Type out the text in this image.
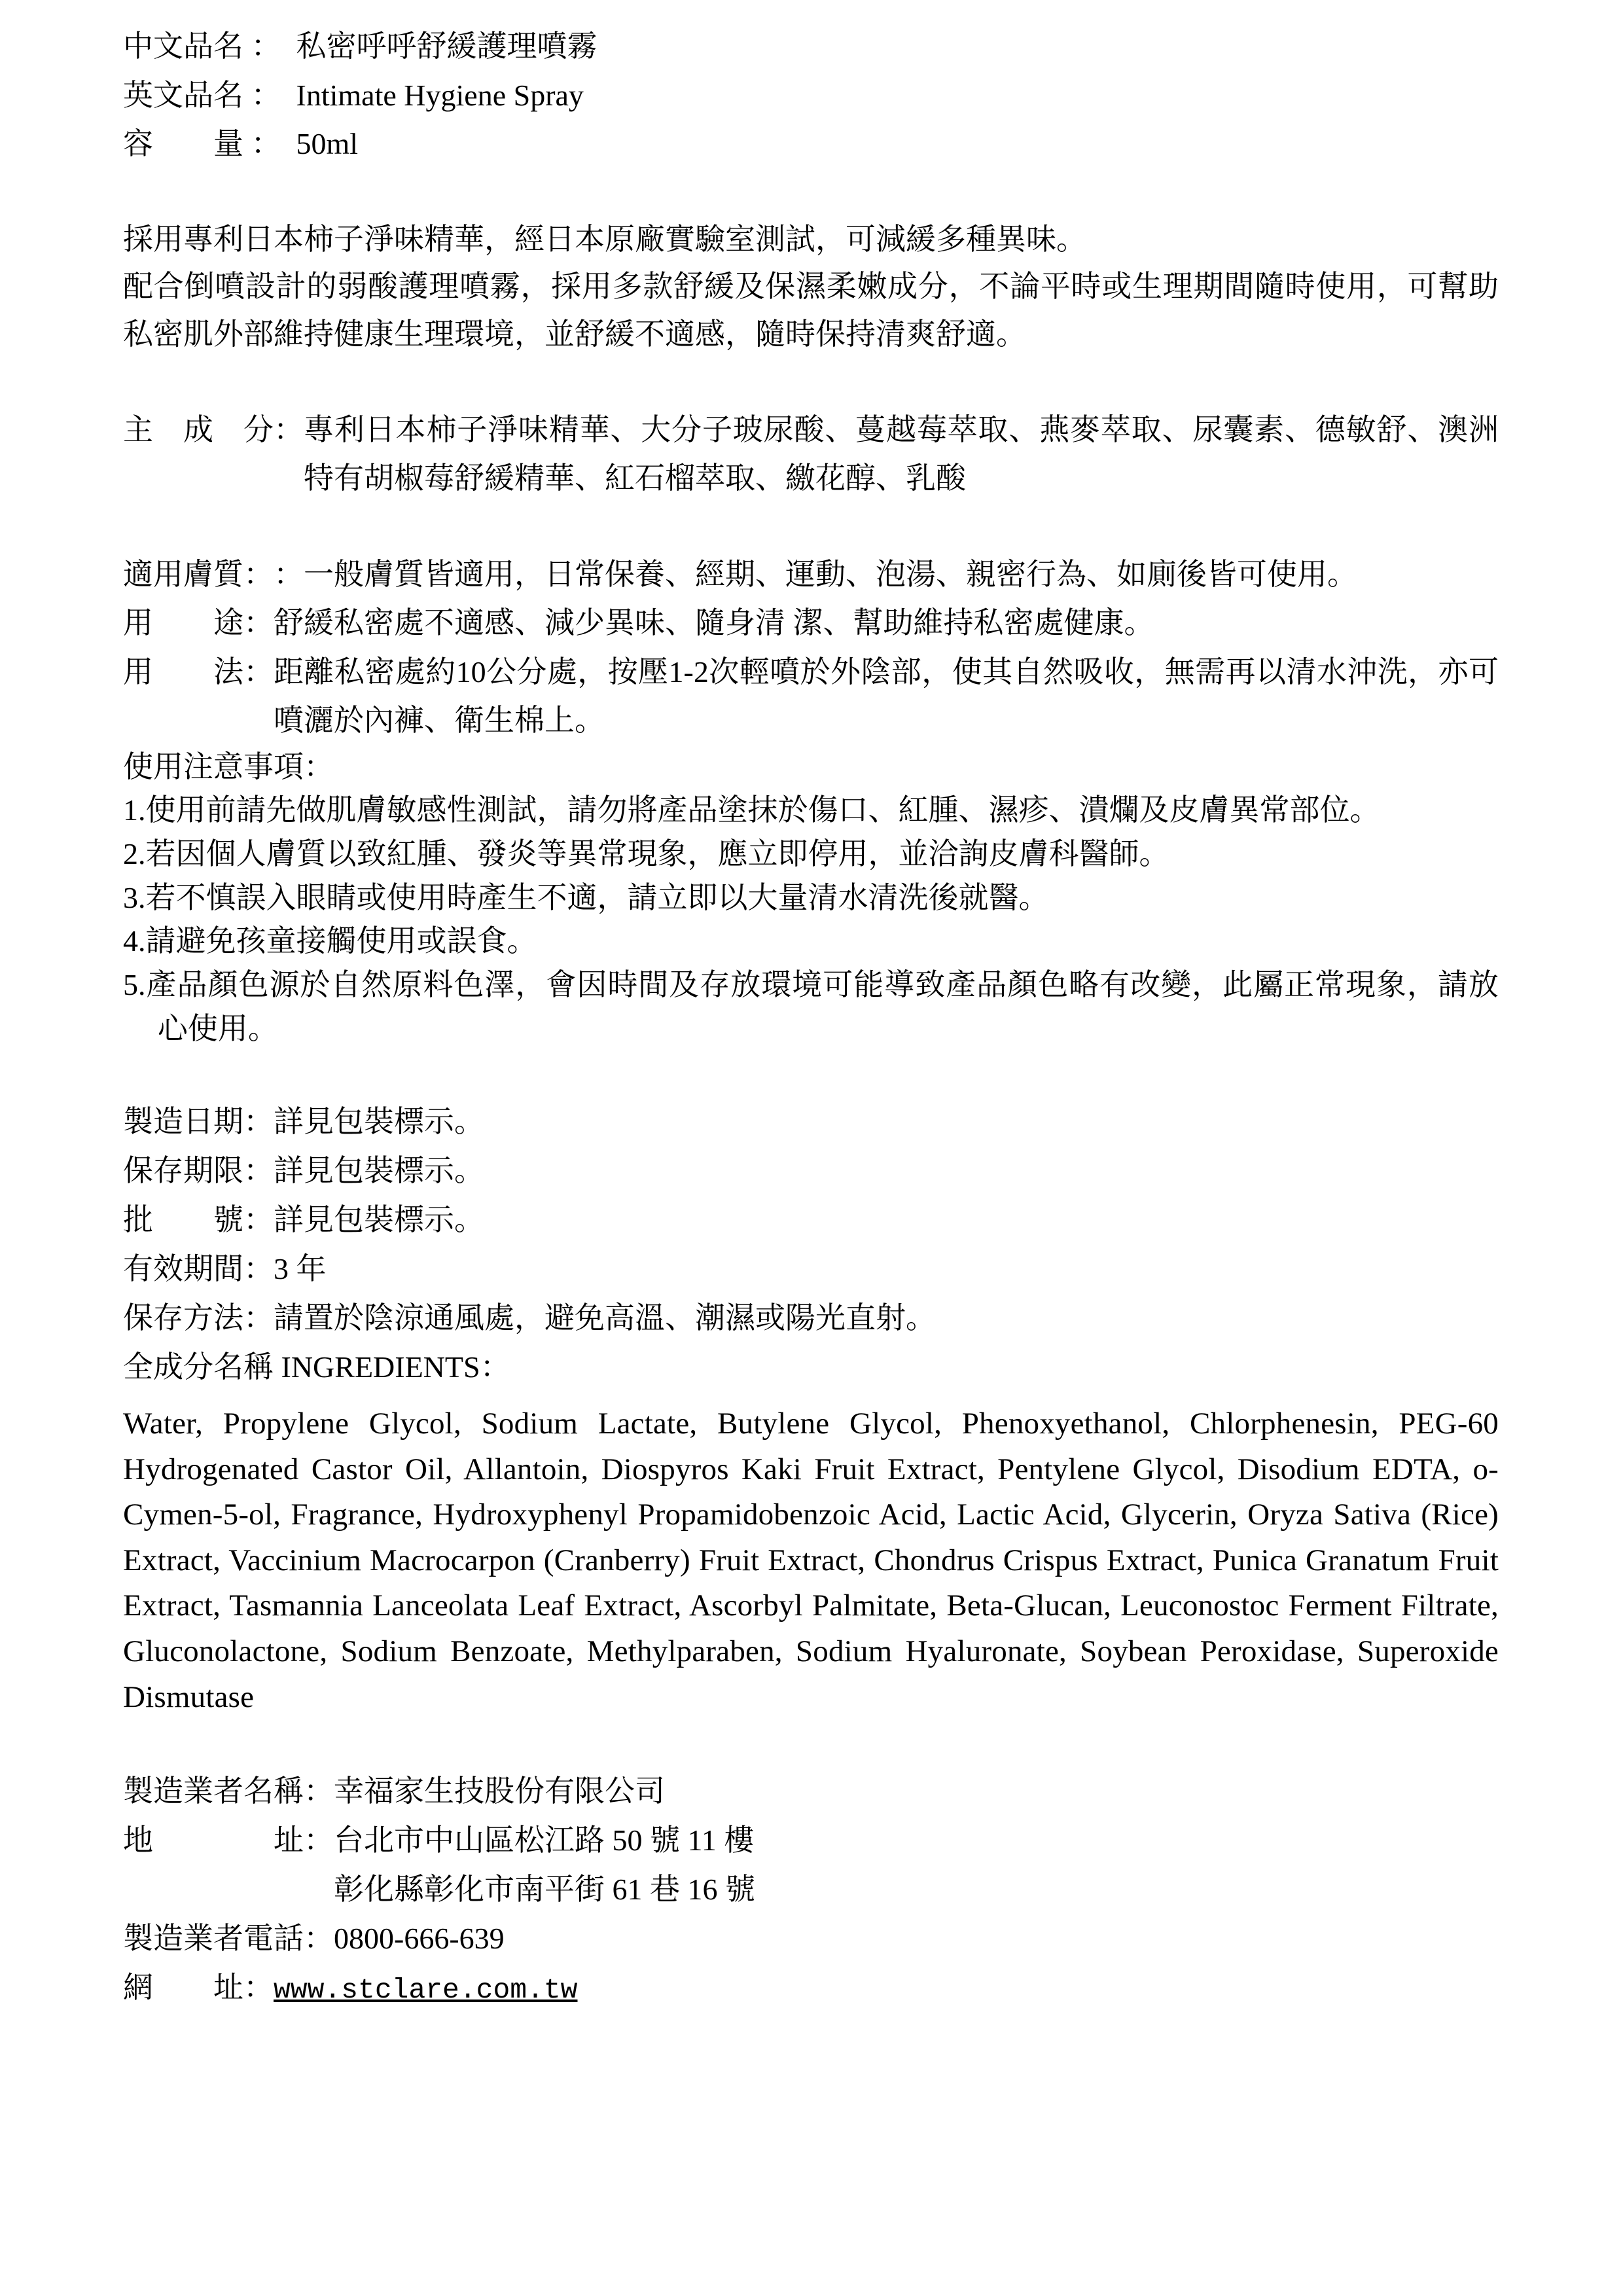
中文品名 ：　 私密呼呼舒緩護理噴霧
英文品名 ：　 Intimate Hygiene Spray
容　　量 ：　 50ml

採用專利日本柿子淨味精華，經日本原廠實驗室測試，可減緩多種異味。

配合倒噴設計的弱酸護理噴霧，採用多款舒緩及保濕柔嫩成分，不論平時或生理期間隨時使用，可幫助私密肌外部維持健康生理環境，並舒緩不適感，隨時保持清爽舒適。

主　成　分： 專利日本柿子淨味精華、大分子玻尿酸、蔓越莓萃取、燕麥萃取、尿囊素、德敏舒、澳洲特有胡椒莓舒緩精華、紅石榴萃取、繳花醇、乳酸
適用膚質： ：一般膚質皆適用，日常保養、經期、運動、泡湯、親密行為、如廁後皆可使用。
用　　途： 舒緩私密處不適感、減少異味、隨身清 潔、幫助維持私密處健康。
用　　法： 距離私密處約10公分處，按壓1-2次輕噴於外陰部，使其自然吸收，無需再以清水沖洗，亦可噴灑於內褲、衛生棉上。

使用注意事項：

1.使用前請先做肌膚敏感性測試，請勿將產品塗抹於傷口、紅腫、濕疹、潰爛及皮膚異常部位。

2.若因個人膚質以致紅腫、發炎等異常現象，應立即停用，並洽詢皮膚科醫師。

3.若不慎誤入眼睛或使用時產生不適，請立即以大量清水清洗後就醫。

4.請避免孩童接觸使用或誤食。

5.產品顏色源於自然原料色澤，會因時間及存放環境可能導致產品顏色略有改變，此屬正常現象，請放心使用。

製造日期： 詳見包裝標示。
保存期限： 詳見包裝標示。
批　　號： 詳見包裝標示。
有效期間： 3 年
保存方法： 請置於陰涼通風處，避免高溫、潮濕或陽光直射。

全成分名稱 INGREDIENTS：

Water, Propylene Glycol, Sodium Lactate, Butylene Glycol, Phenoxyethanol, Chlorphenesin, PEG-60 Hydrogenated Castor Oil, Allantoin, Diospyros Kaki Fruit Extract, Pentylene Glycol, Disodium EDTA, o-Cymen-5-ol, Fragrance, Hydroxyphenyl Propamidobenzoic Acid, Lactic Acid, Glycerin, Oryza Sativa (Rice) Extract, Vaccinium Macrocarpon (Cranberry) Fruit Extract, Chondrus Crispus Extract, Punica Granatum Fruit Extract, Tasmannia Lanceolata Leaf Extract, Ascorbyl Palmitate, Beta-Glucan, Leuconostoc Ferment Filtrate, Gluconolactone, Sodium Benzoate, Methylparaben, Sodium Hyaluronate, Soybean Peroxidase, Superoxide Dismutase

製造業者名稱： 幸福家生技股份有限公司
地　　　　址： 台北市中山區松江路 50 號 11 樓

彰化縣彰化市南平街 61 巷 16 號

製造業者電話： 0800-666-639
網　　址： www.stclare.com.tw
